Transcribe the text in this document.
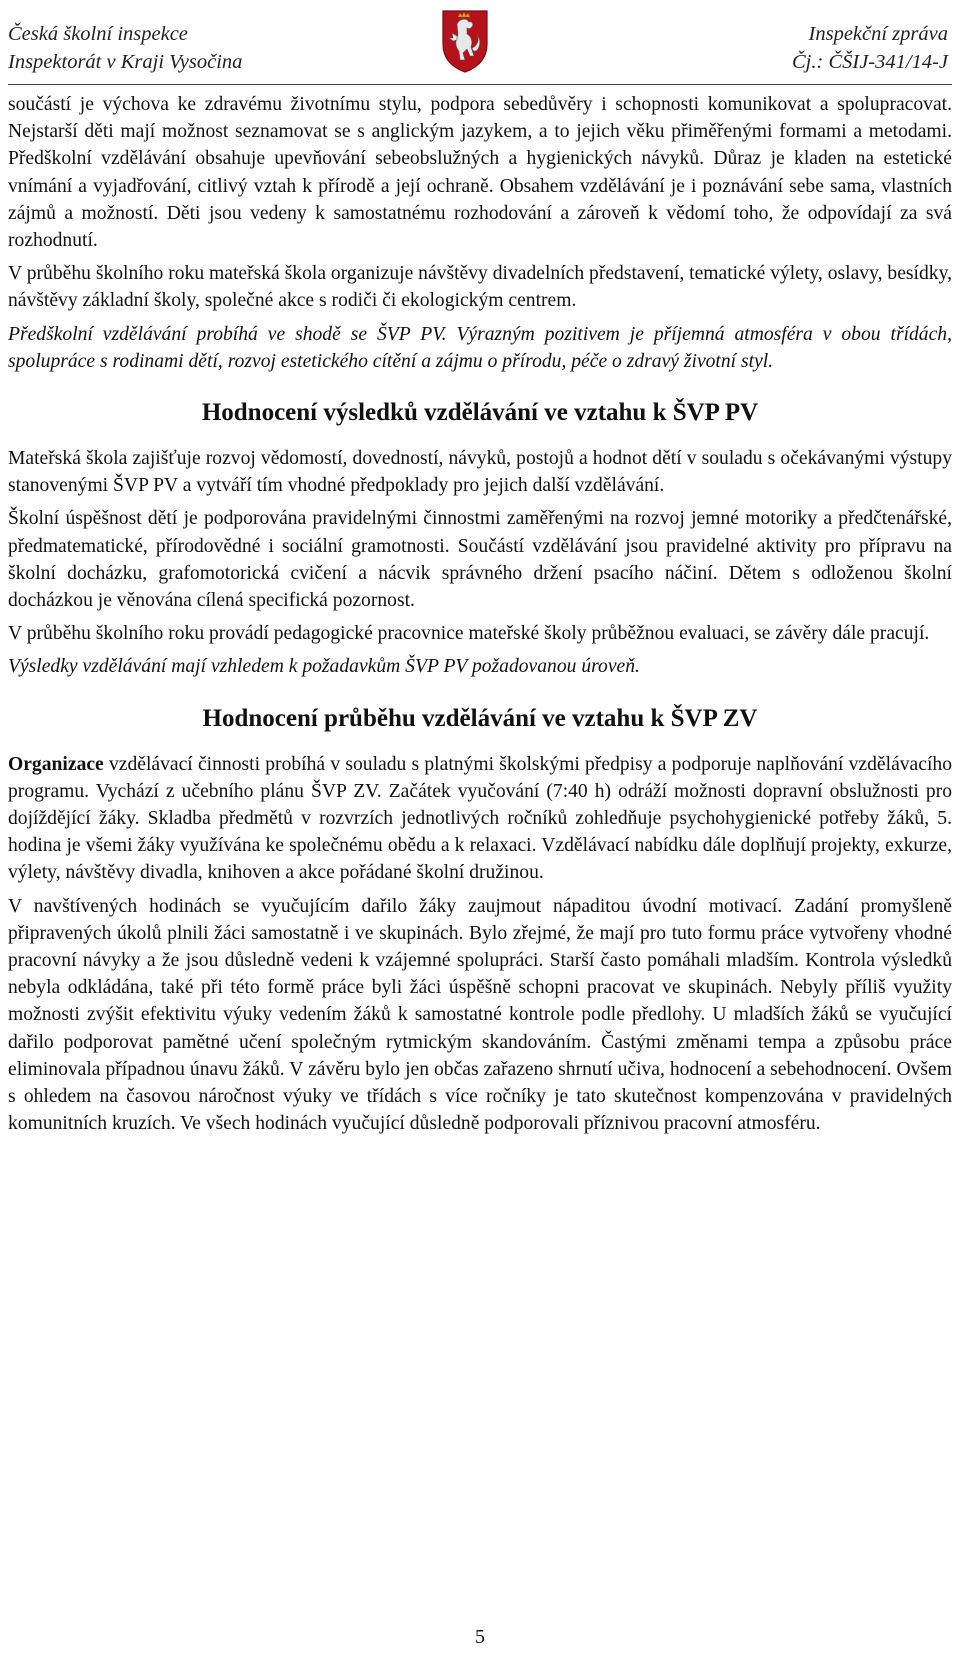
Česká školní inspekce
Inspektorát v Kraji Vysočina
Inspekční zpráva
Čj.: ČŠIJ-341/14-J

součástí je výchova ke zdravému životnímu stylu, podpora sebedůvěry i schopnosti komunikovat a spolupracovat. Nejstarší děti mají možnost seznamovat se s anglickým jazykem, a to jejich věku přiměřenými formami a metodami. Předškolní vzdělávání obsahuje upevňování sebeobslužných a hygienických návyků. Důraz je kladen na estetické vnímání a vyjadřování, citlivý vztah k přírodě a její ochraně. Obsahem vzdělávání je i poznávání sebe sama, vlastních zájmů a možností. Děti jsou vedeny k samostatnému rozhodování a zároveň k vědomí toho, že odpovídají za svá rozhodnutí.

V průběhu školního roku mateřská škola organizuje návštěvy divadelních představení, tematické výlety, oslavy, besídky, návštěvy základní školy, společné akce s rodiči či ekologickým centrem.

Předškolní vzdělávání probíhá ve shodě se ŠVP PV. Výrazným pozitivem je příjemná atmosféra v obou třídách, spolupráce s rodinami dětí, rozvoj estetického cítění a zájmu o přírodu, péče o zdravý životní styl.

Hodnocení výsledků vzdělávání ve vztahu k ŠVP PV

Mateřská škola zajišťuje rozvoj vědomostí, dovedností, návyků, postojů a hodnot dětí v souladu s očekávanými výstupy stanovenými ŠVP PV a vytváří tím vhodné předpoklady pro jejich další vzdělávání.

Školní úspěšnost dětí je podporována pravidelnými činnostmi zaměřenými na rozvoj jemné motoriky a předčtenářské, předmatematické, přírodovědné i sociální gramotnosti. Součástí vzdělávání jsou pravidelné aktivity pro přípravu na školní docházku, grafomotorická cvičení a nácvik správného držení psacího náčiní. Dětem s odloženou školní docházkou je věnována cílená specifická pozornost.

V průběhu školního roku provádí pedagogické pracovnice mateřské školy průběžnou evaluaci, se závěry dále pracují.

Výsledky vzdělávání mají vzhledem k požadavkům ŠVP PV požadovanou úroveň.

Hodnocení průběhu vzdělávání ve vztahu k ŠVP ZV

Organizace vzdělávací činnosti probíhá v souladu s platnými školskými předpisy a podporuje naplňování vzdělávacího programu. Vychází z učebního plánu ŠVP ZV. Začátek vyučování (7:40 h) odráží možnosti dopravní obslužnosti pro dojíždějící žáky. Skladba předmětů v rozvrzích jednotlivých ročníků zohledňuje psychohygienické potřeby žáků, 5. hodina je všemi žáky využívána ke společnému obědu a k relaxaci. Vzdělávací nabídku dále doplňují projekty, exkurze, výlety, návštěvy divadla, knihoven a akce pořádané školní družinou.

V navštívených hodinách se vyučujícím dařilo žáky zaujmout nápaditou úvodní motivací. Zadání promyšleně připravených úkolů plnili žáci samostatně i ve skupinách. Bylo zřejmé, že mají pro tuto formu práce vytvořeny vhodné pracovní návyky a že jsou důsledně vedeni k vzájemné spolupráci. Starší často pomáhali mladším. Kontrola výsledků nebyla odkládána, také při této formě práce byli žáci úspěšně schopni pracovat ve skupinách. Nebyly příliš využity možnosti zvýšit efektivitu výuky vedením žáků k samostatné kontrole podle předlohy. U mladších žáků se vyučující dařilo podporovat pamětné učení společným rytmickým skandováním. Častými změnami tempa a způsobu práce eliminovala případnou únavu žáků. V závěru bylo jen občas zařazeno shrnutí učiva, hodnocení a sebehodnocení. Ovšem s ohledem na časovou náročnost výuky ve třídách s více ročníky je tato skutečnost kompenzována v pravidelných komunitních kruzích. Ve všech hodinách vyučující důsledně podporovali příznivou pracovní atmosféru.

5
